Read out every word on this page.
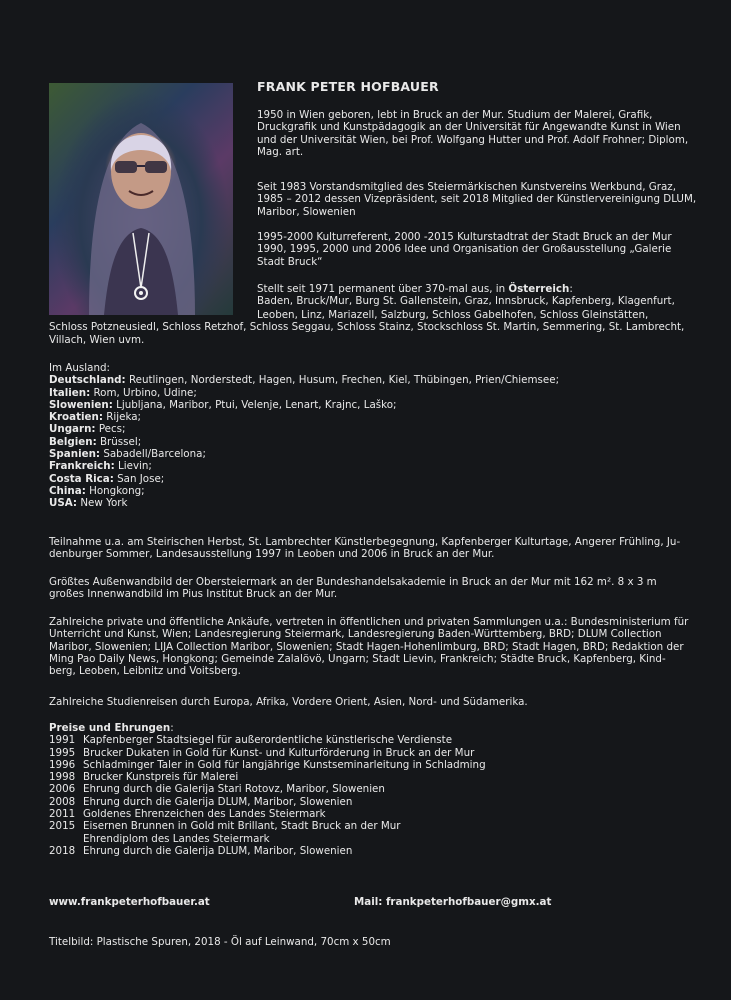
FRANK PETER HOFBAUER

1950 in Wien geboren, lebt in Bruck an der Mur. Studium der Malerei, Grafik, Druckgrafik und Kunstpädagogik an der Universität für Angewandte Kunst in Wien und der Universität Wien, bei Prof. Wolfgang Hutter und Prof. Adolf Frohner; Diplom, Mag. art.

Seit 1983 Vorstandsmitglied des Steiermärkischen Kunstvereins Werkbund, Graz, 1985 – 2012 dessen Vizepräsident, seit 2018 Mitglied der Künstlervereinigung DLUM, Maribor, Slowenien

1995-2000 Kulturreferent, 2000 -2015 Kulturstadtrat der Stadt Bruck an der Mur 1990, 1995, 2000 und 2006 Idee und Organisation der Großausstellung „Galerie Stadt Bruck“

Stellt seit 1971 permanent über 370-mal aus, in Österreich:
Baden, Bruck/Mur, Burg St. Gallenstein, Graz, Innsbruck, Kapfenberg, Klagenfurt,

Leoben, Linz, Mariazell, Salzburg, Schloss Gabelhofen, Schloss Gleinstätten, Schloss Potzneusiedl, Schloss Retzhof, Schloss Seggau, Schloss Stainz, Stockschloss St. Martin, Semmering, St. Lambrecht, Villach, Wien uvm.

Im Ausland:
Deutschland: Reutlingen, Norderstedt, Hagen, Husum, Frechen, Kiel, Thübingen, Prien/Chiemsee;
Italien: Rom, Urbino, Udine;
Slowenien: Ljubljana, Maribor, Ptui, Velenje, Lenart, Krajnc, Laško;
Kroatien: Rijeka;
Ungarn: Pecs;
Belgien: Brüssel;
Spanien: Sabadell/Barcelona;
Frankreich: Lievin;
Costa Rica: San Jose;
China: Hongkong;
USA: New York

Teilnahme u.a. am Steirischen Herbst, St. Lambrechter Künstlerbegegnung, Kapfenberger Kulturtage, Angerer Frühling, Ju-denburger Sommer, Landesausstellung 1997 in Leoben und 2006 in Bruck an der Mur.

Größtes Außenwandbild der Obersteiermark an der Bundeshandelsakademie in Bruck an der Mur mit 162 m². 8 x 3 m großes Innenwandbild im Pius Institut Bruck an der Mur.

Zahlreiche private und öffentliche Ankäufe, vertreten in öffentlichen und privaten Sammlungen u.a.: Bundesministerium für Unterricht und Kunst, Wien; Landesregierung Steiermark, Landesregierung Baden-Württemberg, BRD; DLUM Collection Maribor, Slowenien; LIJA Collection Maribor, Slowenien; Stadt Hagen-Hohenlimburg, BRD; Stadt Hagen, BRD; Redaktion der Ming Pao Daily News, Hongkong; Gemeinde Zalalövö, Ungarn; Stadt Lievin, Frankreich; Städte Bruck, Kapfenberg, Kind-berg, Leoben, Leibnitz und Voitsberg.

Zahlreiche Studienreisen durch Europa, Afrika, Vordere Orient, Asien, Nord- und Südamerika.

Preise und Ehrungen:
1991 Kapfenberger Stadtsiegel für außerordentliche künstlerische Verdienste
1995 Brucker Dukaten in Gold für Kunst- und Kulturförderung in Bruck an der Mur
1996 Schladminger Taler in Gold für langjährige Kunstseminarleitung in Schladming
1998 Brucker Kunstpreis für Malerei
2006 Ehrung durch die Galerija Stari Rotovz, Maribor, Slowenien
2008 Ehrung durch die Galerija DLUM, Maribor, Slowenien
2011 Goldenes Ehrenzeichen des Landes Steiermark
2015 Eisernen Brunnen in Gold mit Brillant, Stadt Bruck an der Mur
Ehrendiplom des Landes Steiermark
2018 Ehrung durch die Galerija DLUM, Maribor, Slowenien
www.frankpeterhofbauer.at	Mail: frankpeterhofbauer@gmx.at
Titelbild: Plastische Spuren, 2018 - Öl auf Leinwand, 70cm x 50cm
